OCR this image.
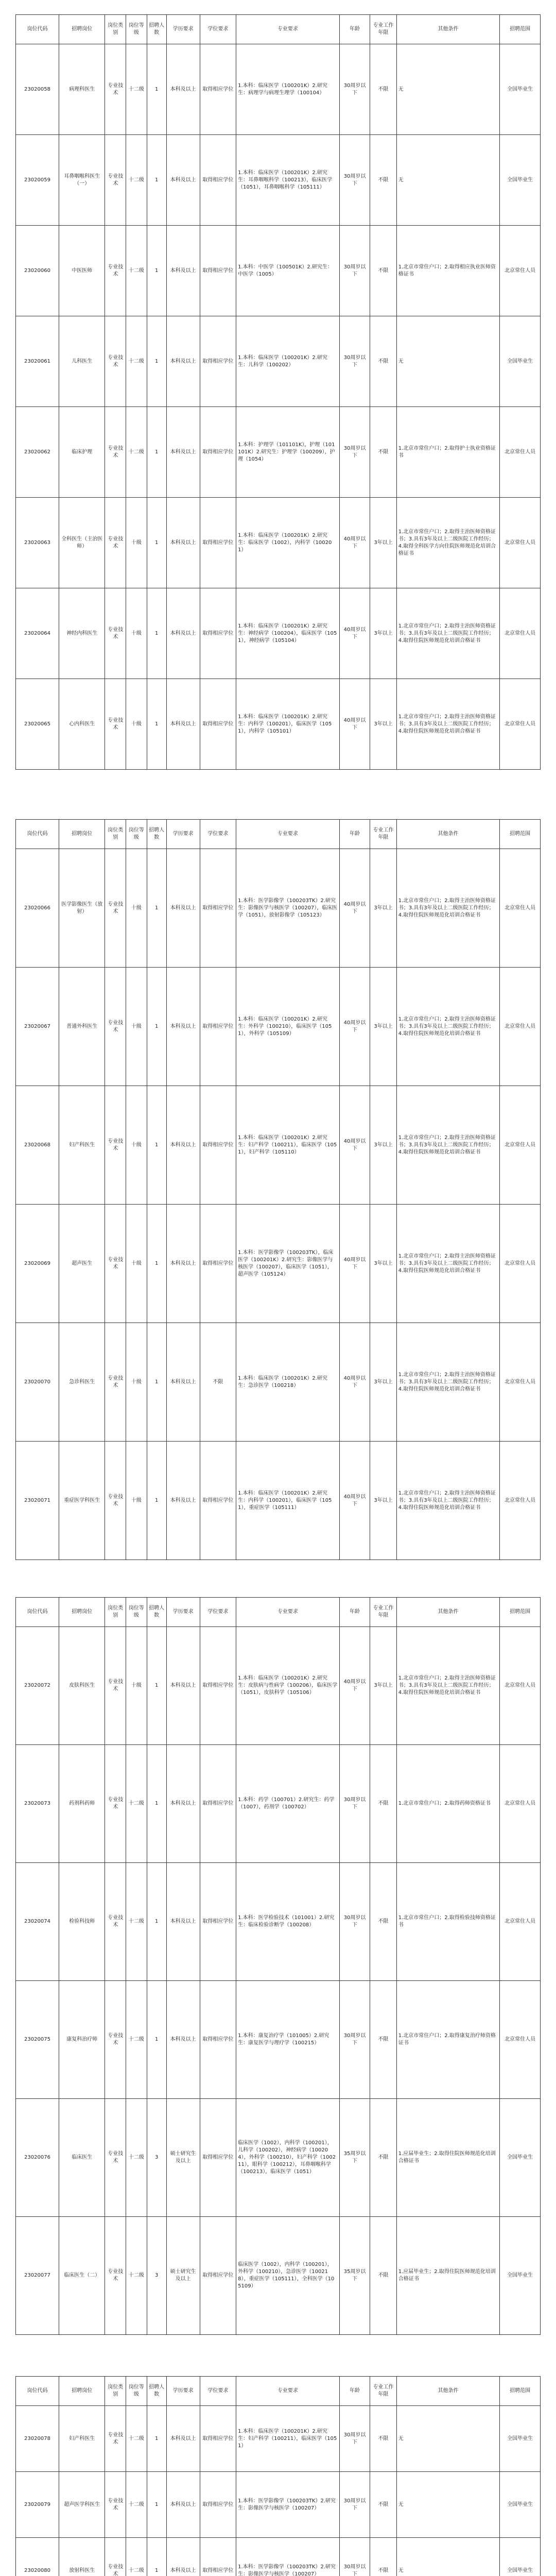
岗位代码	招聘岗位	岗位类别	岗位等级	招聘人数	学历要求	学位要求	专业要求	年龄	专业工作年限	其他条件	招聘范围
23020058	病理科医生	专业技术	十二级	1	本科及以上	取得相应学位	1.本科：临床医学（100201K）2.研究生：病理学与病理生理学（100104）	30周岁以下	不限	无	全国毕业生
23020059	耳鼻咽喉科医生（一）	专业技术	十二级	1	本科及以上	取得相应学位	1.本科：临床医学（100201K）2.研究生：耳鼻咽喉科学（100213），临床医学（1051），耳鼻咽喉科学（105111）	30周岁以下	不限	无	全国毕业生
23020060	中医医师	专业技术	十二级	1	本科及以上	取得相应学位	1.本科：中医学（100501K）2.研究生：中医学（1005）	30周岁以下	不限	1.北京市常住户口；2.取得相应执业医师资格证书	北京常住人员
23020061	儿科医生	专业技术	十二级	1	本科及以上	取得相应学位	1.本科：临床医学（100201K）2.研究生：儿科学（100202）	30周岁以下	不限	无	全国毕业生
23020062	临床护理	专业技术	十二级	1	本科及以上	取得相应学位	1.本科：护理学（101101K），护理（101101K）2.研究生：护理学（100209），护理（1054）	30周岁以下	不限	1.北京市常住户口；2.取得护士执业资格证书	北京常住人员
23020063	全科医生（主治医师）	专业技术	十级	1	本科及以上	取得相应学位	1.本科：临床医学（100201K）2.研究生：临床医学（1002），内科学（100201）	40周岁以下	3年以上	1.北京市常住户口；2.取得主治医师资格证书；3.具有3年及以上二级医院工作经历；4.取得全科医学方向住院医师规范化培训合格证书	北京常住人员
23020064	神经内科医生	专业技术	十级	1	本科及以上	取得相应学位	1.本科：临床医学（100201K）2.研究生：神经病学（100204），临床医学（1051），神经病学（105104）	40周岁以下	3年以上	1.北京市常住户口；2.取得主治医师资格证书；3.具有3年及以上二级医院工作经历；4.取得住院医师规范化培训合格证书	北京常住人员
23020065	心内科医生	专业技术	十级	1	本科及以上	取得相应学位	1.本科：临床医学（100201K）2.研究生：内科学（100201），临床医学（1051），内科学（105101）	40周岁以下	3年以上	1.北京市常住户口；2.取得主治医师资格证书；3.具有3年及以上二级医院工作经历；4.取得住院医师规范化培训合格证书	北京常住人员
岗位代码	招聘岗位	岗位类别	岗位等级	招聘人数	学历要求	学位要求	专业要求	年龄	专业工作年限	其他条件	招聘范围
23020066	医学影像医生（放射）	专业技术	十级	1	本科及以上	取得相应学位	1.本科：医学影像学（100203TK）2.研究生：影像医学与核医学（100207），临床医学（1051），放射影像学（105123）	40周岁以下	3年以上	1.北京市常住户口；2.取得主治医师资格证书；3.具有3年及以上二级医院工作经历；4.取得住院医师规范化培训合格证书	北京常住人员
23020067	普通外科医生	专业技术	十级	1	本科及以上	取得相应学位	1.本科：临床医学（100201K）2.研究生：外科学（100210），临床医学（1051），外科学（105109）	40周岁以下	3年以上	1.北京市常住户口；2.取得主治医师资格证书；3.具有3年及以上二级医院工作经历；4.取得住院医师规范化培训合格证书	北京常住人员
23020068	妇产科医生	专业技术	十级	1	本科及以上	取得相应学位	1.本科：临床医学（100201K）2.研究生：妇产科学（100211），临床医学（1051），妇产科学（105110）	40周岁以下	3年以上	1.北京市常住户口；2.取得主治医师资格证书；3.具有3年及以上二级医院工作经历；4.取得住院医师规范化培训合格证书	北京常住人员
23020069	超声医生	专业技术	十级	1	本科及以上	取得相应学位	1.本科：医学影像学（100203TK），临床医学（100201K）2.研究生：影像医学与核医学（100207），临床医学（1051），超声医学（105124）	40周岁以下	3年以上	1.北京市常住户口；2.取得主治医师资格证书；3.具有3年及以上二级医院工作经历；4.取得住院医师规范化培训合格证书	北京常住人员
23020070	急诊科医生	专业技术	十级	1	本科及以上	不限	1.本科：临床医学（100201K）2.研究生：急诊医学（100218）	40周岁以下	3年以上	1.北京市常住户口；2.取得主治医师资格证书；3.具有3年及以上二级医院工作经历；4.取得住院医师规范化培训合格证书	北京常住人员
23020071	重症医学科医生	专业技术	十级	1	本科及以上	取得相应学位	1.本科：临床医学（100201K）2.研究生：内科学（100201），临床医学（1051），重症医学（105111）	40周岁以下	3年以上	1.北京市常住户口；2.取得主治医师资格证书；3.具有3年及以上二级医院工作经历；4.取得住院医师规范化培训合格证书	北京常住人员
岗位代码	招聘岗位	岗位类别	岗位等级	招聘人数	学历要求	学位要求	专业要求	年龄	专业工作年限	其他条件	招聘范围
23020072	皮肤科医生	专业技术	十级	1	本科及以上	取得相应学位	1.本科：临床医学（100201K）2.研究生：皮肤病与性病学（100206），临床医学（1051），皮肤科学（105106）	40周岁以下	3年以上	1.北京市常住户口；2.取得主治医师资格证书；3.具有3年及以上二级医院工作经历；4.取得住院医师规范化培训合格证书	北京常住人员
23020073	药剂科药师	专业技术	十二级	1	本科及以上	取得相应学位	1.本科：药学（100701）2.研究生：药学（1007），药剂学（100702）	30周岁以下	不限	1.北京市常住户口；2.取得药师资格证书	北京常住人员
23020074	检验科技师	专业技术	十二级	1	本科及以上	取得相应学位	1.本科：医学检验技术（101001）2.研究生：临床检验诊断学（100208）	30周岁以下	不限	1.北京市常住户口；2.取得检验技师资格证书	北京常住人员
23020075	康复科治疗师	专业技术	十二级	1	本科及以上	取得相应学位	1.本科：康复治疗学（101005）2.研究生：康复医学与理疗学（100215）	30周岁以下	不限	1.北京市常住户口；2.取得康复治疗师资格证书	北京常住人员
23020076	临床医生	专业技术	十二级	3	硕士研究生及以上	取得相应学位	临床医学（1002），内科学（100201），儿科学（100202），神经病学（100204），外科学（100210），妇产科学（100211），眼科学（100212），耳鼻咽喉科学（100213），临床医学（1051）	35周岁以下	不限	1.应届毕业生；2.取得住院医师规范化培训合格证书	全国毕业生
23020077	临床医生（二）	专业技术	十二级	3	硕士研究生及以上	取得相应学位	临床医学（1002），内科学（100201），外科学（100210），急诊医学（100218），重症医学（105111），全科医学（105109）	35周岁以下	不限	1.应届毕业生；2.取得住院医师规范化培训合格证书	全国毕业生
岗位代码	招聘岗位	岗位类别	岗位等级	招聘人数	学历要求	学位要求	专业要求	年龄	专业工作年限	其他条件	招聘范围
23020078	妇产科医生	专业技术	十二级	1	本科及以上	取得相应学位	1.本科：临床医学（100201K）2.研究生：妇产科学（100211），临床医学（1051）	30周岁以下	不限	无	全国毕业生
23020079	超声医学科医生	专业技术	十二级	1	本科及以上	取得相应学位	1.本科：医学影像学（100203TK）2.研究生：影像医学与核医学（100207）	30周岁以下	不限	无	全国毕业生
23020080	放射科医生	专业技术	十二级	1	本科及以上	取得相应学位	1.本科：医学影像学（100203TK）2.研究生：影像医学与核医学（100207）	30周岁以下	不限	无	全国毕业生
